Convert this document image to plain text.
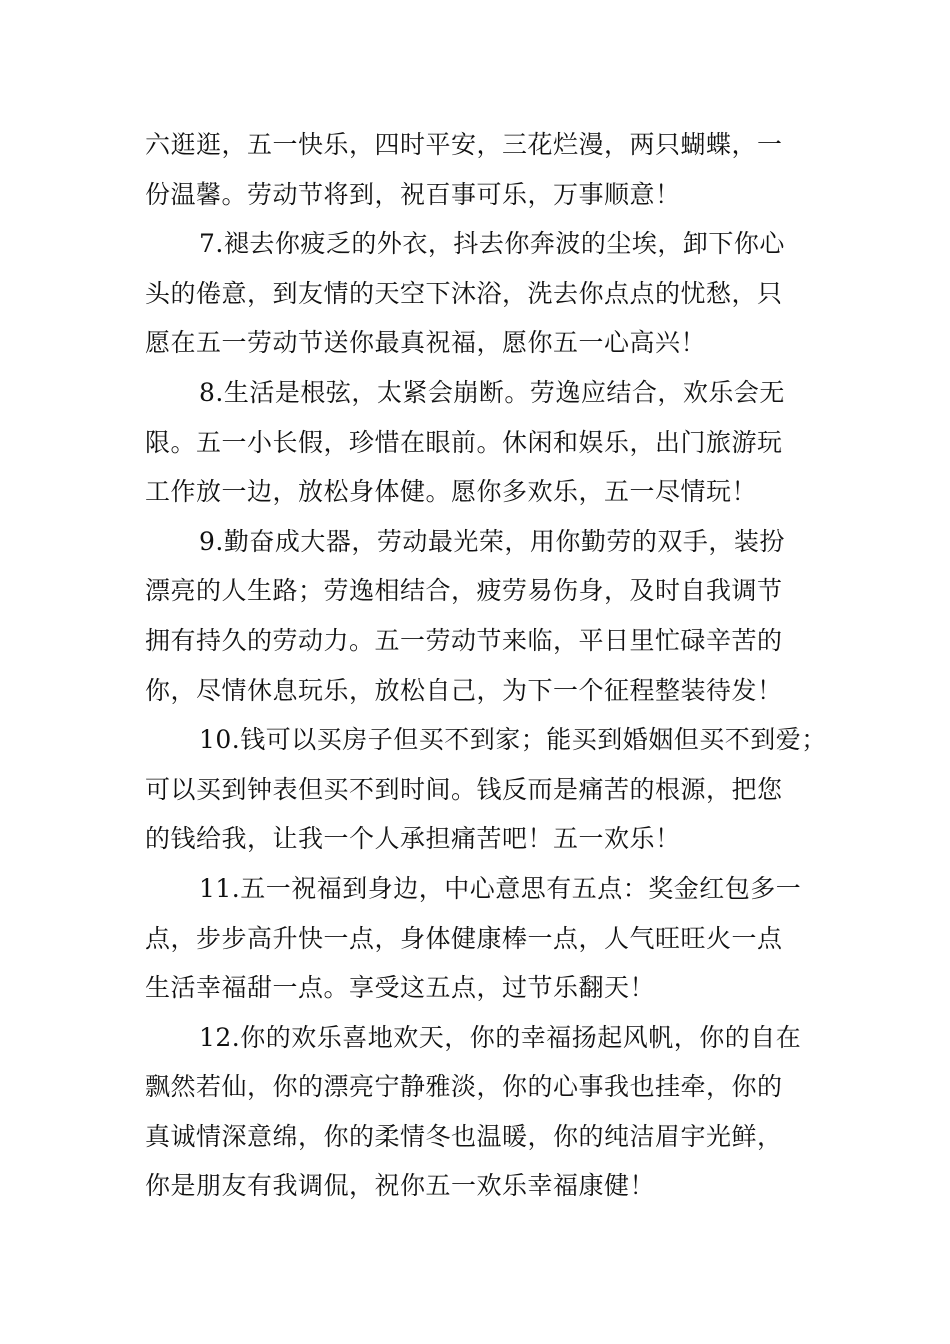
六逛逛，五一快乐，四时平安，三花烂漫，两只蝴蝶，一
份温馨。劳动节将到，祝百事可乐，万事顺意！
7.褪去你疲乏的外衣，抖去你奔波的尘埃，卸下你心
头的倦意，到友情的天空下沐浴，洗去你点点的忧愁，只
愿在五一劳动节送你最真祝福，愿你五一心高兴！
8.生活是根弦，太紧会崩断。劳逸应结合，欢乐会无
限。五一小长假，珍惜在眼前。休闲和娱乐，出门旅游玩
工作放一边，放松身体健。愿你多欢乐，五一尽情玩！
9.勤奋成大器，劳动最光荣，用你勤劳的双手，装扮
漂亮的人生路；劳逸相结合，疲劳易伤身，及时自我调节
拥有持久的劳动力。五一劳动节来临，平日里忙碌辛苦的
你，尽情休息玩乐，放松自己，为下一个征程整装待发！
10.钱可以买房子但买不到家；能买到婚姻但买不到爱；
可以买到钟表但买不到时间。钱反而是痛苦的根源，把您
的钱给我，让我一个人承担痛苦吧！五一欢乐！
11.五一祝福到身边，中心意思有五点：奖金红包多一
点，步步高升快一点，身体健康棒一点，人气旺旺火一点
生活幸福甜一点。享受这五点，过节乐翻天！
12.你的欢乐喜地欢天，你的幸福扬起风帆，你的自在
飘然若仙，你的漂亮宁静雅淡，你的心事我也挂牵，你的
真诚情深意绵，你的柔情冬也温暖，你的纯洁眉宇光鲜，
你是朋友有我调侃，祝你五一欢乐幸福康健！
